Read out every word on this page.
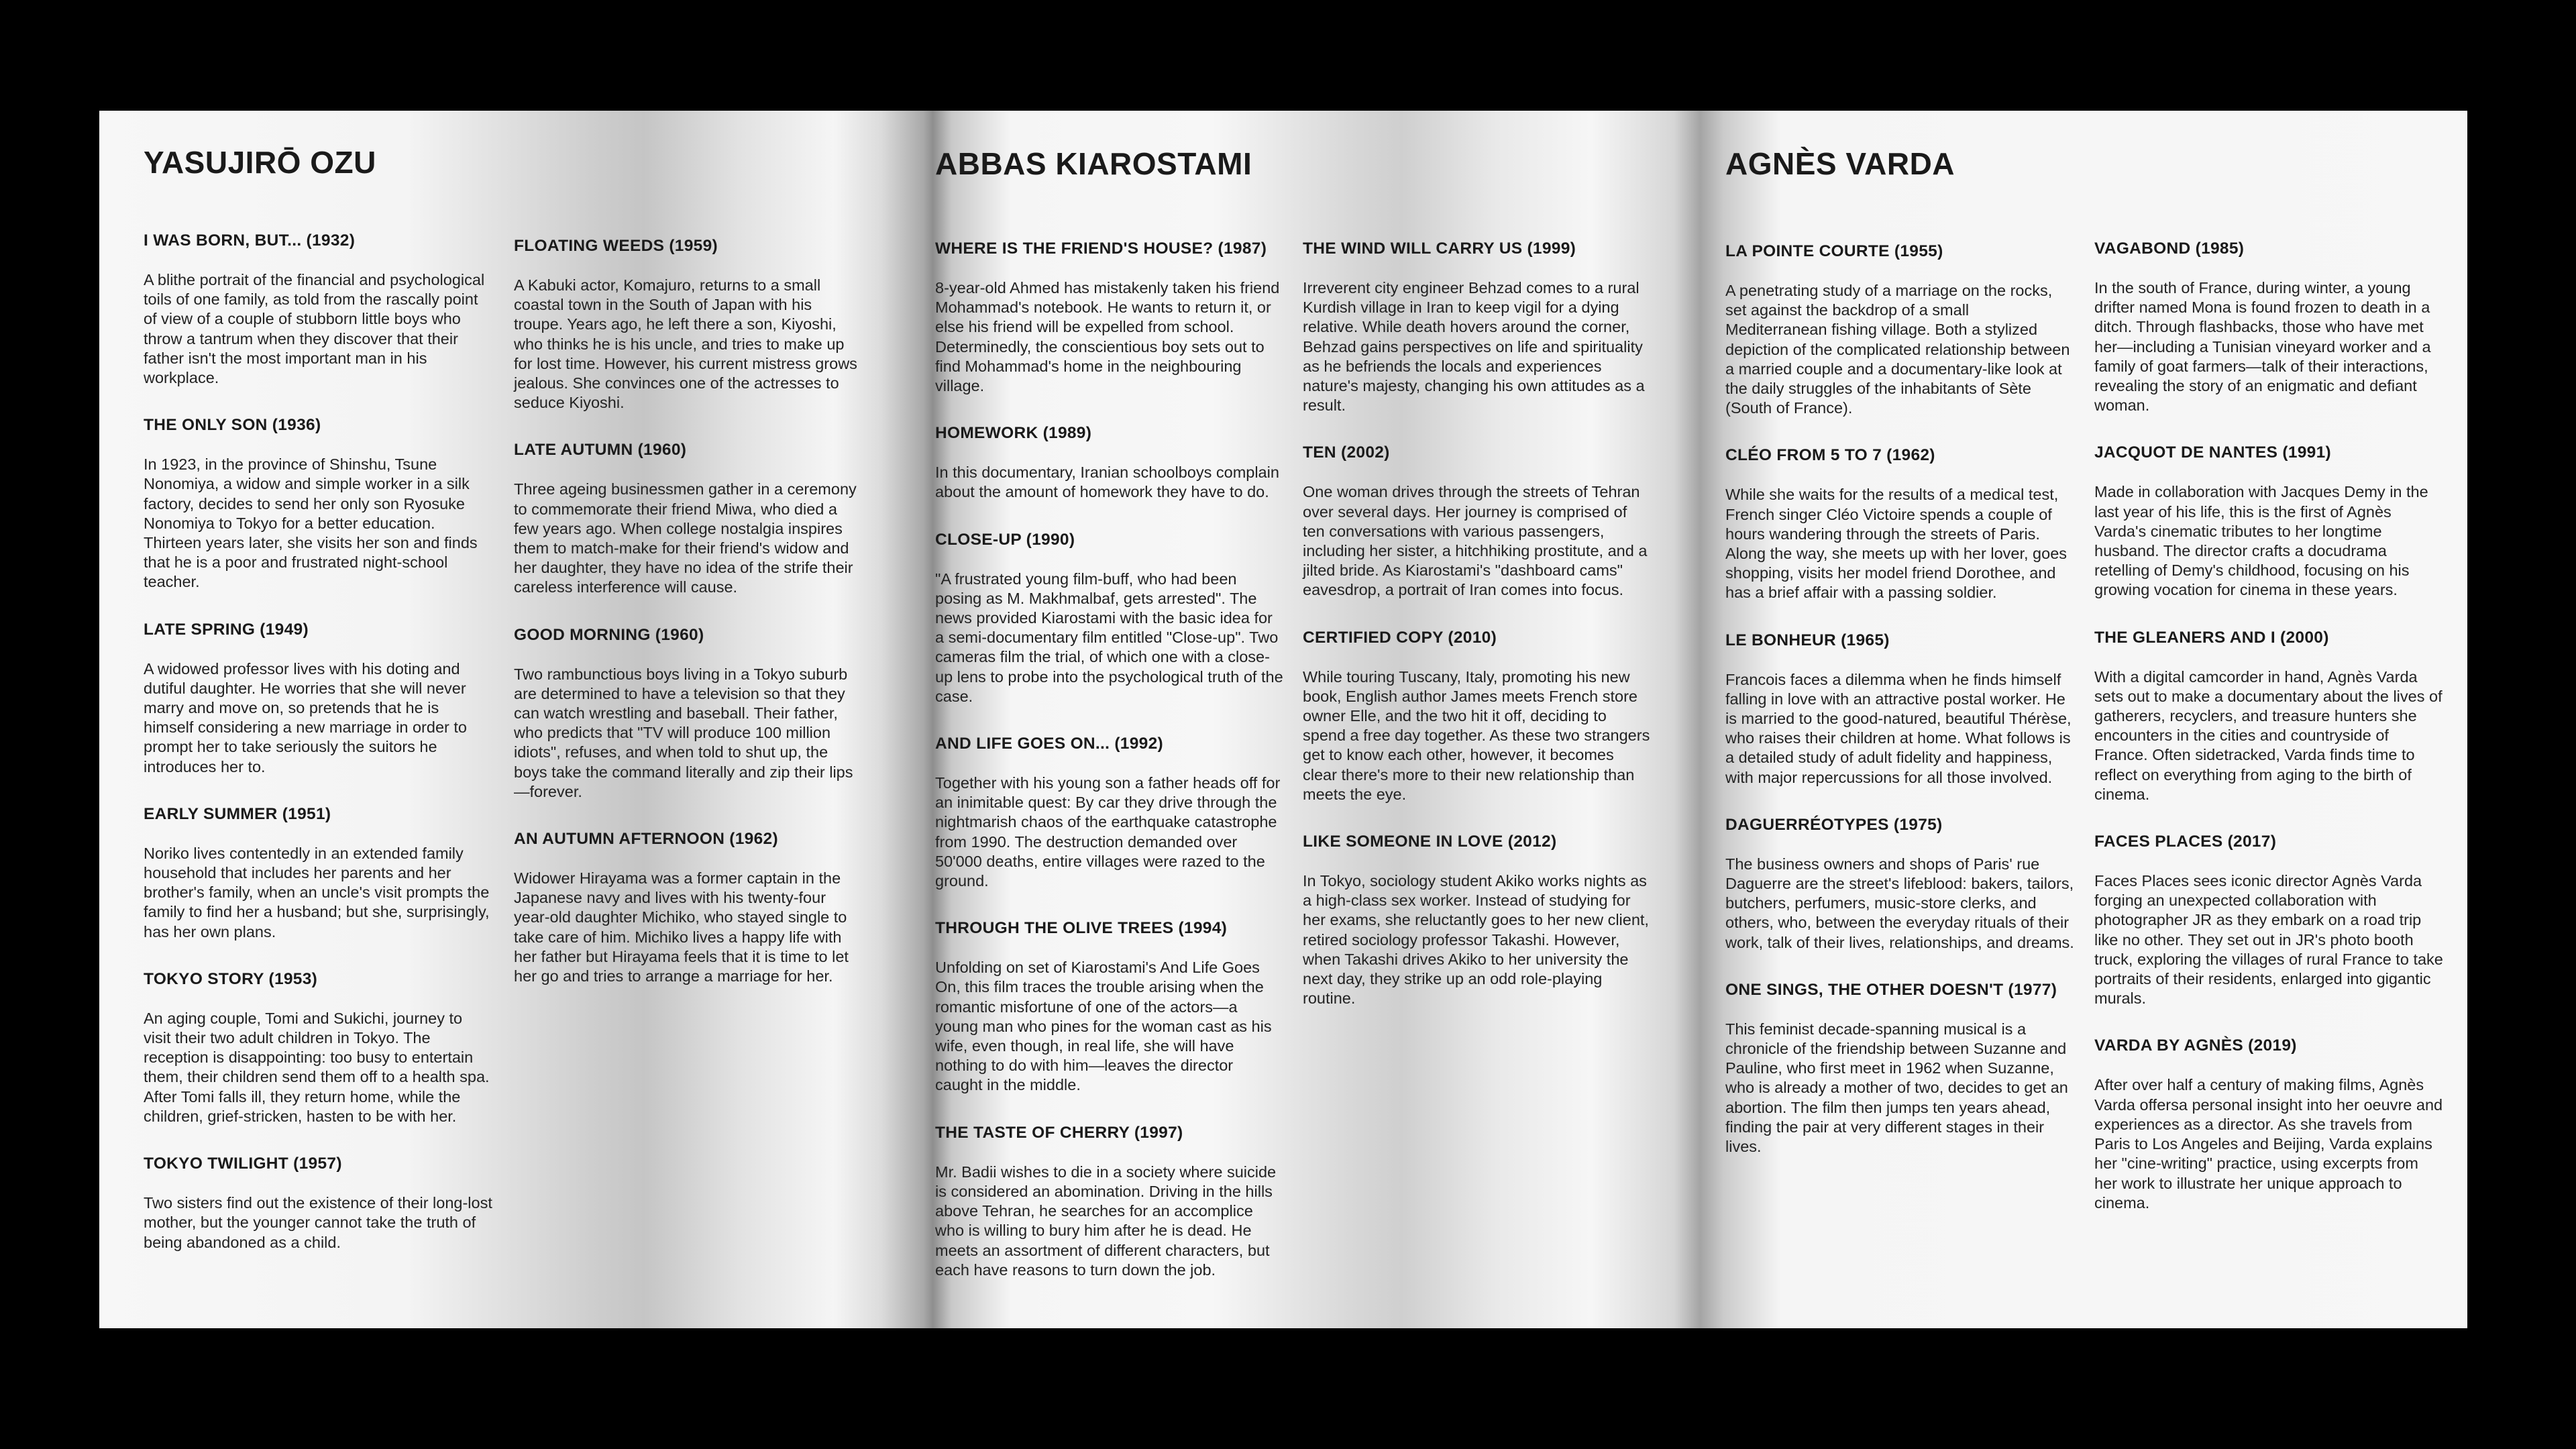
YASUJIRŌ OZU
I WAS BORN, BUT... (1932)

A blithe portrait of the financial and psychological toils of one family, as told from the rascally point of view of a couple of stubborn little boys who throw a tantrum when they discover that their father isn't the most important man in his workplace.

THE ONLY SON (1936)

In 1923, in the province of Shinshu, Tsune Nonomiya, a widow and simple worker in a silk factory, decides to send her only son Ryosuke Nonomiya to Tokyo for a better education. Thirteen years later, she visits her son and finds that he is a poor and frustrated night-school teacher.

LATE SPRING (1949)

A widowed professor lives with his doting and dutiful daughter. He worries that she will never marry and move on, so pretends that he is himself considering a new marriage in order to prompt her to take seriously the suitors he introduces her to.

EARLY SUMMER (1951)

Noriko lives contentedly in an extended family household that includes her parents and her brother's family, when an uncle's visit prompts the family to find her a husband; but she, surprisingly, has her own plans.

TOKYO STORY (1953)

An aging couple, Tomi and Sukichi, journey to visit their two adult children in Tokyo. The reception is disappointing: too busy to entertain them, their children send them off to a health spa. After Tomi falls ill, they return home, while the children, grief-stricken, hasten to be with her.

TOKYO TWILIGHT (1957)

Two sisters find out the existence of their long-lost mother, but the younger cannot take the truth of being abandoned as a child.

FLOATING WEEDS (1959)

A Kabuki actor, Komajuro, returns to a small coastal town in the South of Japan with his troupe. Years ago, he left there a son, Kiyoshi, who thinks he is his uncle, and tries to make up for lost time. However, his current mistress grows jealous. She convinces one of the actresses to seduce Kiyoshi.

LATE AUTUMN (1960)

Three ageing businessmen gather in a ceremony to commemorate their friend Miwa, who died a few years ago. When college nostalgia inspires them to match-make for their friend's widow and her daughter, they have no idea of the strife their careless interference will cause.

GOOD MORNING (1960)

Two rambunctious boys living in a Tokyo suburb are determined to have a television so that they can watch wrestling and baseball. Their father, who predicts that "TV will produce 100 million idiots", refuses, and when told to shut up, the boys take the command literally and zip their lips—forever.

AN AUTUMN AFTERNOON (1962)

Widower Hirayama was a former captain in the Japanese navy and lives with his twenty-four year-old daughter Michiko, who stayed single to take care of him. Michiko lives a happy life with her father but Hirayama feels that it is time to let her go and tries to arrange a marriage for her.

ABBAS KIAROSTAMI
WHERE IS THE FRIEND'S HOUSE? (1987)

8-year-old Ahmed has mistakenly taken his friend Mohammad's notebook. He wants to return it, or else his friend will be expelled from school. Determinedly, the conscientious boy sets out to find Mohammad's home in the neighbouring village.

HOMEWORK (1989)

In this documentary, Iranian schoolboys complain about the amount of homework they have to do.

CLOSE-UP (1990)

"A frustrated young film-buff, who had been posing as M. Makhmalbaf, gets arrested". The news provided Kiarostami with the basic idea for a semi-documentary film entitled "Close-up". Two cameras film the trial, of which one with a close-up lens to probe into the psychological truth of the case.

AND LIFE GOES ON... (1992)

Together with his young son a father heads off for an inimitable quest: By car they drive through the nightmarish chaos of the earthquake catastrophe from 1990. The destruction demanded over 50'000 deaths, entire villages were razed to the ground.

THROUGH THE OLIVE TREES (1994)

Unfolding on set of Kiarostami's And Life Goes On, this film traces the trouble arising when the romantic misfortune of one of the actors—a young man who pines for the woman cast as his wife, even though, in real life, she will have nothing to do with him—leaves the director caught in the middle.

THE TASTE OF CHERRY (1997)

Mr. Badii wishes to die in a society where suicide is considered an abomination. Driving in the hills above Tehran, he searches for an accomplice who is willing to bury him after he is dead. He meets an assortment of different characters, but each have reasons to turn down the job.

THE WIND WILL CARRY US (1999)

Irreverent city engineer Behzad comes to a rural Kurdish village in Iran to keep vigil for a dying relative. While death hovers around the corner, Behzad gains perspectives on life and spirituality as he befriends the locals and experiences nature's majesty, changing his own attitudes as a result.

TEN (2002)

One woman drives through the streets of Tehran over several days. Her journey is comprised of ten conversations with various passengers, including her sister, a hitchhiking prostitute, and a jilted bride. As Kiarostami's "dashboard cams" eavesdrop, a portrait of Iran comes into focus.

CERTIFIED COPY (2010)

While touring Tuscany, Italy, promoting his new book, English author James meets French store owner Elle, and the two hit it off, deciding to spend a free day together. As these two strangers get to know each other, however, it becomes clear there's more to their new relationship than meets the eye.

LIKE SOMEONE IN LOVE (2012)

In Tokyo, sociology student Akiko works nights as a high-class sex worker. Instead of studying for her exams, she reluctantly goes to her new client, retired sociology professor Takashi. However, when Takashi drives Akiko to her university the next day, they strike up an odd role-playing routine.

AGNÈS VARDA
LA POINTE COURTE (1955)

A penetrating study of a marriage on the rocks, set against the backdrop of a small Mediterranean fishing village. Both a stylized depiction of the complicated relationship between a married couple and a documentary-like look at the daily struggles of the inhabitants of Sète (South of France).

CLÉO FROM 5 TO 7 (1962)

While she waits for the results of a medical test, French singer Cléo Victoire spends a couple of hours wandering through the streets of Paris. Along the way, she meets up with her lover, goes shopping, visits her model friend Dorothee, and has a brief affair with a passing soldier.

LE BONHEUR (1965)

Francois faces a dilemma when he finds himself falling in love with an attractive postal worker. He is married to the good-natured, beautiful Thérèse, who raises their children at home. What follows is a detailed study of adult fidelity and happiness, with major repercussions for all those involved.

DAGUERRÉOTYPES (1975)

The business owners and shops of Paris' rue Daguerre are the street's lifeblood: bakers, tailors, butchers, perfumers, music-store clerks, and others, who, between the everyday rituals of their work, talk of their lives, relationships, and dreams.

ONE SINGS, THE OTHER DOESN'T (1977)

This feminist decade-spanning musical is a chronicle of the friendship between Suzanne and Pauline, who first meet in 1962 when Suzanne, who is already a mother of two, decides to get an abortion. The film then jumps ten years ahead, finding the pair at very different stages in their lives.

VAGABOND (1985)

In the south of France, during winter, a young drifter named Mona is found frozen to death in a ditch. Through flashbacks, those who have met her—including a Tunisian vineyard worker and a family of goat farmers—talk of their interactions, revealing the story of an enigmatic and defiant woman.

JACQUOT DE NANTES (1991)

Made in collaboration with Jacques Demy in the last year of his life, this is the first of Agnès Varda's cinematic tributes to her longtime husband. The director crafts a docudrama retelling of Demy's childhood, focusing on his growing vocation for cinema in these years.

THE GLEANERS AND I (2000)

With a digital camcorder in hand, Agnès Varda sets out to make a documentary about the lives of gatherers, recyclers, and treasure hunters she encounters in the cities and countryside of France. Often sidetracked, Varda finds time to reflect on everything from aging to the birth of cinema.

FACES PLACES (2017)

Faces Places sees iconic director Agnès Varda forging an unexpected collaboration with photographer JR as they embark on a road trip like no other. They set out in JR's photo booth truck, exploring the villages of rural France to take portraits of their residents, enlarged into gigantic murals.

VARDA BY AGNÈS (2019)

After over half a century of making films, Agnès Varda offersa personal insight into her oeuvre and experiences as a director. As she travels from Paris to Los Angeles and Beijing, Varda explains her "cine-writing" practice, using excerpts from her work to illustrate her unique approach to cinema.
